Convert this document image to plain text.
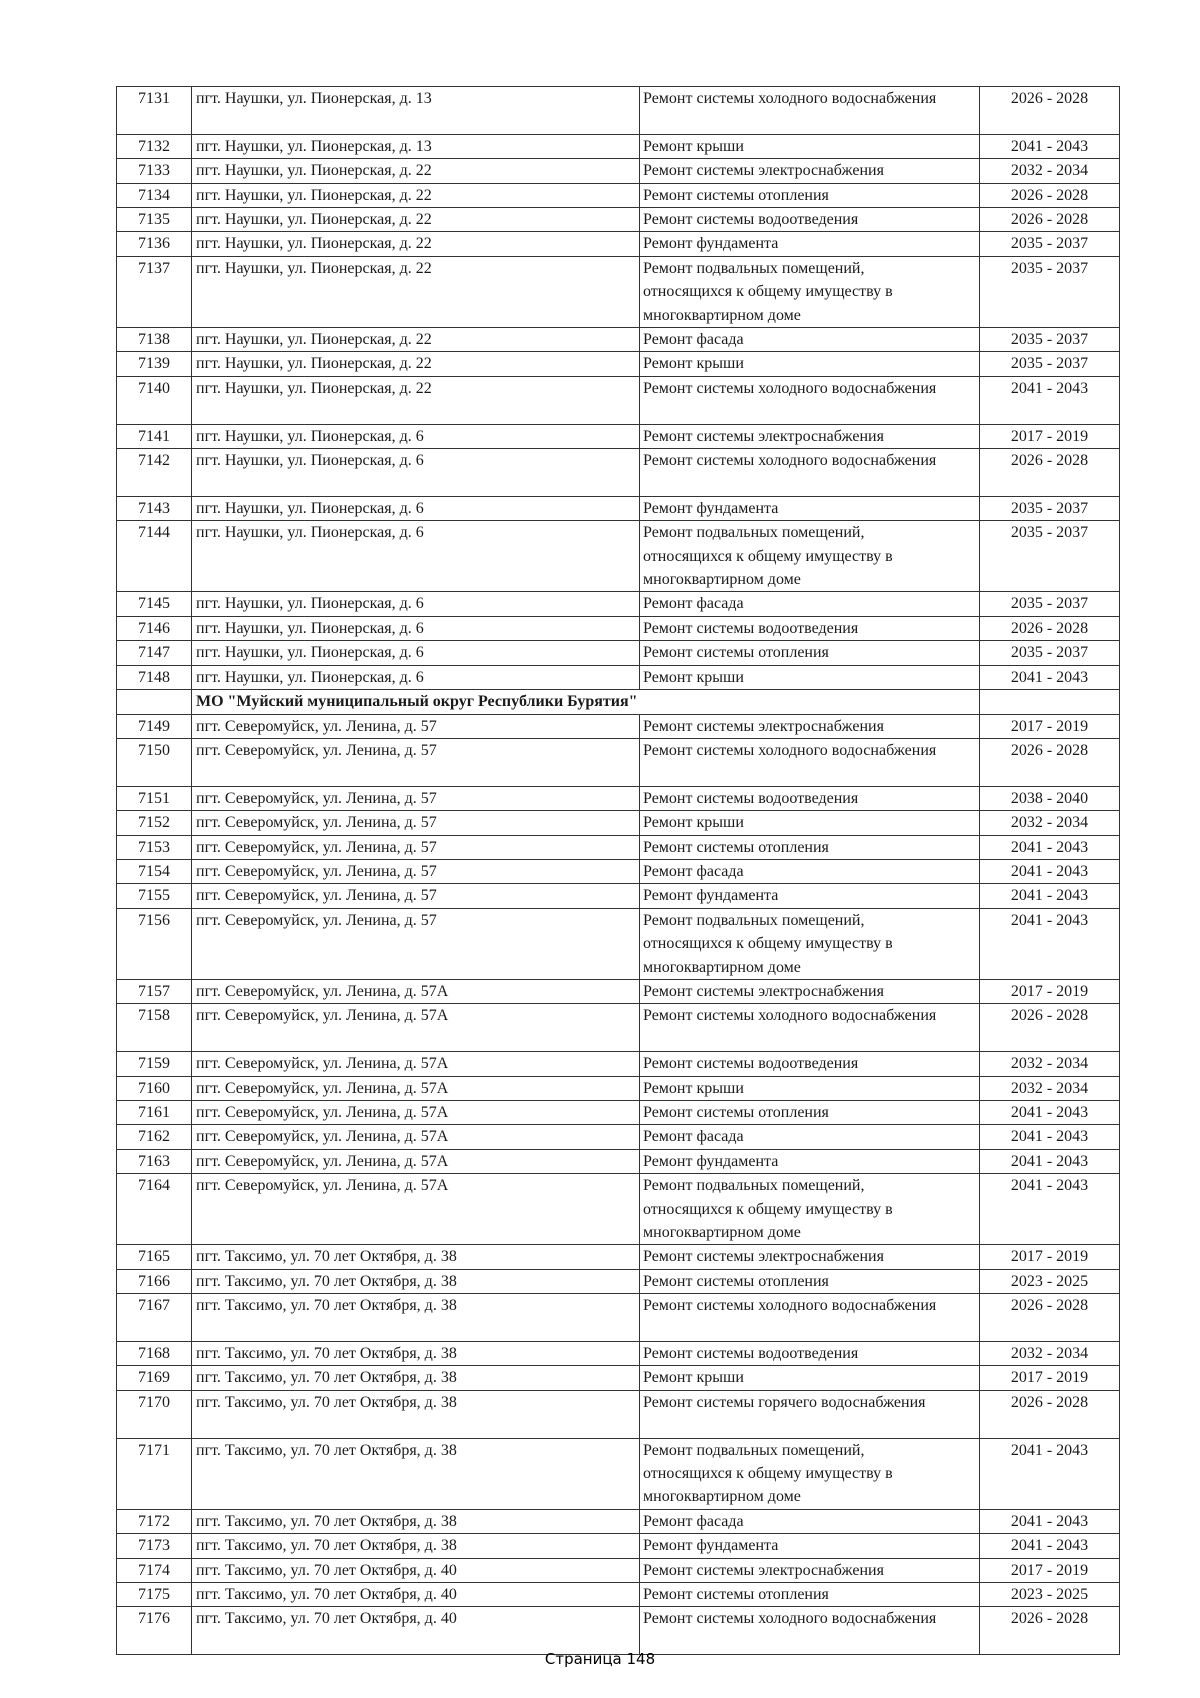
7131	пгт. Наушки, ул. Пионерская, д. 13	Ремонт системы холодного водоснабжения	2026 - 2028
7132	пгт. Наушки, ул. Пионерская, д. 13	Ремонт крыши	2041 - 2043
7133	пгт. Наушки, ул. Пионерская, д. 22	Ремонт системы электроснабжения	2032 - 2034
7134	пгт. Наушки, ул. Пионерская, д. 22	Ремонт системы отопления	2026 - 2028
7135	пгт. Наушки, ул. Пионерская, д. 22	Ремонт системы водоотведения	2026 - 2028
7136	пгт. Наушки, ул. Пионерская, д. 22	Ремонт фундамента	2035 - 2037
7137	пгт. Наушки, ул. Пионерская, д. 22	Ремонт подвальных помещений,
относящихся к общему имуществу в
многоквартирном доме	2035 - 2037
7138	пгт. Наушки, ул. Пионерская, д. 22	Ремонт фасада	2035 - 2037
7139	пгт. Наушки, ул. Пионерская, д. 22	Ремонт крыши	2035 - 2037
7140	пгт. Наушки, ул. Пионерская, д. 22	Ремонт системы холодного водоснабжения	2041 - 2043
7141	пгт. Наушки, ул. Пионерская, д. 6	Ремонт системы электроснабжения	2017 - 2019
7142	пгт. Наушки, ул. Пионерская, д. 6	Ремонт системы холодного водоснабжения	2026 - 2028
7143	пгт. Наушки, ул. Пионерская, д. 6	Ремонт фундамента	2035 - 2037
7144	пгт. Наушки, ул. Пионерская, д. 6	Ремонт подвальных помещений,
относящихся к общему имуществу в
многоквартирном доме	2035 - 2037
7145	пгт. Наушки, ул. Пионерская, д. 6	Ремонт фасада	2035 - 2037
7146	пгт. Наушки, ул. Пионерская, д. 6	Ремонт системы водоотведения	2026 - 2028
7147	пгт. Наушки, ул. Пионерская, д. 6	Ремонт системы отопления	2035 - 2037
7148	пгт. Наушки, ул. Пионерская, д. 6	Ремонт крыши	2041 - 2043
	МО "Муйский муниципальный округ Республики Бурятия"		
7149	пгт. Северомуйск, ул. Ленина, д. 57	Ремонт системы электроснабжения	2017 - 2019
7150	пгт. Северомуйск, ул. Ленина, д. 57	Ремонт системы холодного водоснабжения	2026 - 2028
7151	пгт. Северомуйск, ул. Ленина, д. 57	Ремонт системы водоотведения	2038 - 2040
7152	пгт. Северомуйск, ул. Ленина, д. 57	Ремонт крыши	2032 - 2034
7153	пгт. Северомуйск, ул. Ленина, д. 57	Ремонт системы отопления	2041 - 2043
7154	пгт. Северомуйск, ул. Ленина, д. 57	Ремонт фасада	2041 - 2043
7155	пгт. Северомуйск, ул. Ленина, д. 57	Ремонт фундамента	2041 - 2043
7156	пгт. Северомуйск, ул. Ленина, д. 57	Ремонт подвальных помещений,
относящихся к общему имуществу в
многоквартирном доме	2041 - 2043
7157	пгт. Северомуйск, ул. Ленина, д. 57А	Ремонт системы электроснабжения	2017 - 2019
7158	пгт. Северомуйск, ул. Ленина, д. 57А	Ремонт системы холодного водоснабжения	2026 - 2028
7159	пгт. Северомуйск, ул. Ленина, д. 57А	Ремонт системы водоотведения	2032 - 2034
7160	пгт. Северомуйск, ул. Ленина, д. 57А	Ремонт крыши	2032 - 2034
7161	пгт. Северомуйск, ул. Ленина, д. 57А	Ремонт системы отопления	2041 - 2043
7162	пгт. Северомуйск, ул. Ленина, д. 57А	Ремонт фасада	2041 - 2043
7163	пгт. Северомуйск, ул. Ленина, д. 57А	Ремонт фундамента	2041 - 2043
7164	пгт. Северомуйск, ул. Ленина, д. 57А	Ремонт подвальных помещений,
относящихся к общему имуществу в
многоквартирном доме	2041 - 2043
7165	пгт. Таксимо, ул. 70 лет Октября, д. 38	Ремонт системы электроснабжения	2017 - 2019
7166	пгт. Таксимо, ул. 70 лет Октября, д. 38	Ремонт системы отопления	2023 - 2025
7167	пгт. Таксимо, ул. 70 лет Октября, д. 38	Ремонт системы холодного водоснабжения	2026 - 2028
7168	пгт. Таксимо, ул. 70 лет Октября, д. 38	Ремонт системы водоотведения	2032 - 2034
7169	пгт. Таксимо, ул. 70 лет Октября, д. 38	Ремонт крыши	2017 - 2019
7170	пгт. Таксимо, ул. 70 лет Октября, д. 38	Ремонт системы горячего водоснабжения	2026 - 2028
7171	пгт. Таксимо, ул. 70 лет Октября, д. 38	Ремонт подвальных помещений,
относящихся к общему имуществу в
многоквартирном доме	2041 - 2043
7172	пгт. Таксимо, ул. 70 лет Октября, д. 38	Ремонт фасада	2041 - 2043
7173	пгт. Таксимо, ул. 70 лет Октября, д. 38	Ремонт фундамента	2041 - 2043
7174	пгт. Таксимо, ул. 70 лет Октября, д. 40	Ремонт системы электроснабжения	2017 - 2019
7175	пгт. Таксимо, ул. 70 лет Октября, д. 40	Ремонт системы отопления	2023 - 2025
7176	пгт. Таксимо, ул. 70 лет Октября, д. 40	Ремонт системы холодного водоснабжения	2026 - 2028
Страница 148
